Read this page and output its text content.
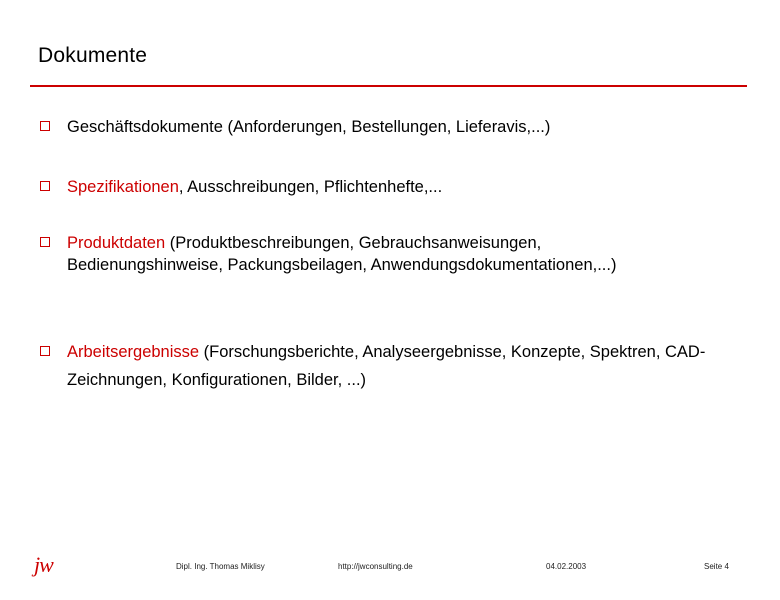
Dokumente
Geschäftsdokumente (Anforderungen, Bestellungen, Lieferavis,...)
Spezifikationen, Ausschreibungen, Pflichtenhefte,...
Produktdaten (Produktbeschreibungen, Gebrauchsanweisungen, Bedienungshinweise, Packungsbeilagen, Anwendungsdokumentationen,...)
Arbeitsergebnisse (Forschungsberichte, Analyseergebnisse, Konzepte, Spektren, CAD-Zeichnungen, Konfigurationen, Bilder, ...)
jw	Dipl. Ing. Thomas Miklisy	http://jwconsulting.de	04.02.2003	Seite 4
